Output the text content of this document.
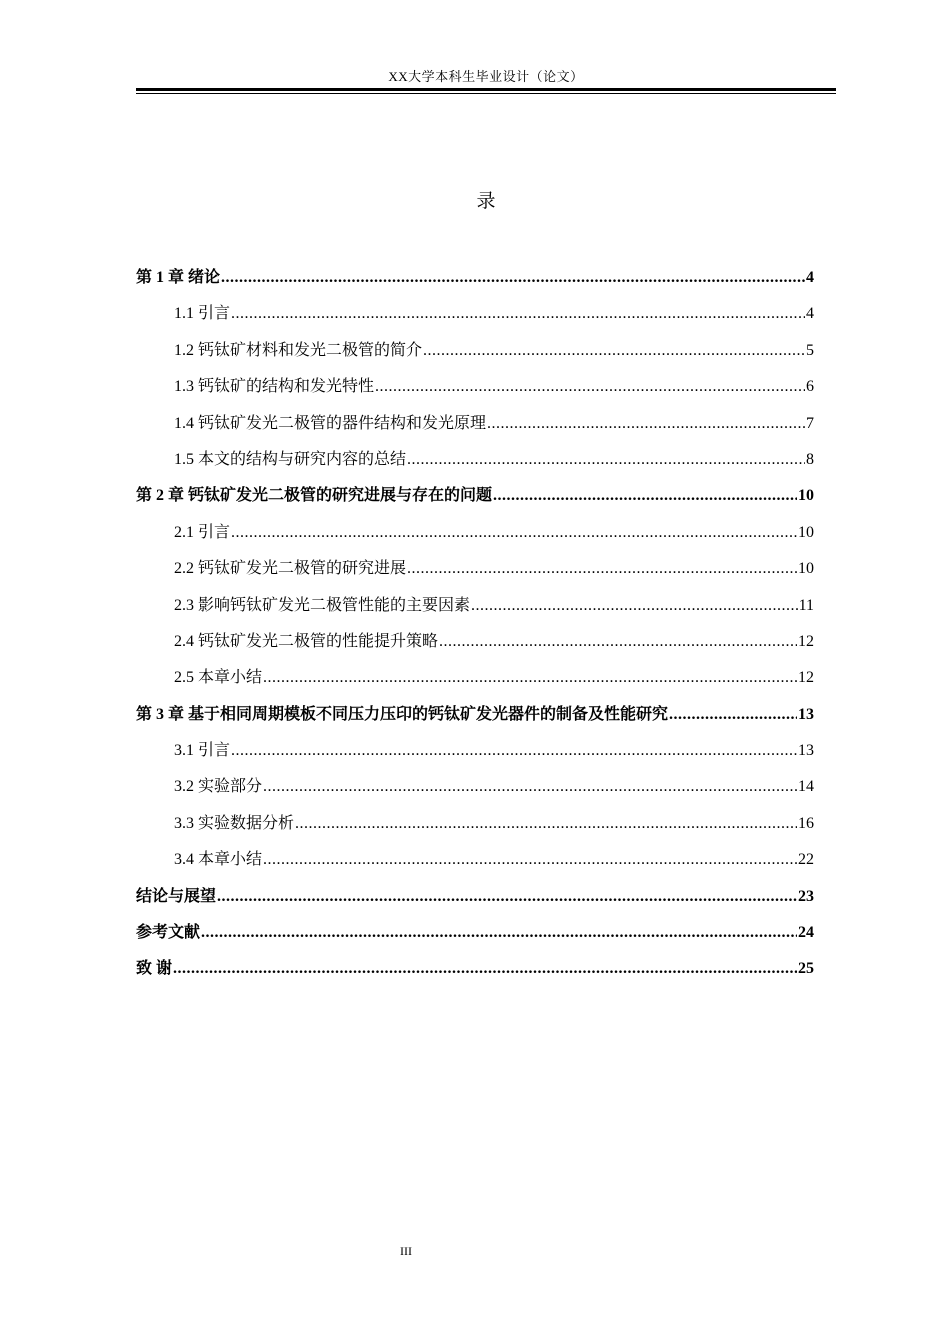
XX大学本科生毕业设计（论文）
录
第 1 章 绪论 .....	4
1.1 引言 .....	4
1.2 钙钛矿材料和发光二极管的简介 .....	5
1.3 钙钛矿的结构和发光特性 .....	6
1.4 钙钛矿发光二极管的器件结构和发光原理 .....	7
1.5 本文的结构与研究内容的总结 .....	8
第 2 章 钙钛矿发光二极管的研究进展与存在的问题 .....	10
2.1 引言 .....	10
2.2 钙钛矿发光二极管的研究进展 .....	10
2.3 影响钙钛矿发光二极管性能的主要因素 .....	11
2.4 钙钛矿发光二极管的性能提升策略 .....	12
2.5 本章小结 .....	12
第 3 章 基于相同周期模板不同压力压印的钙钛矿发光器件的制备及性能研究 .....	13
3.1 引言 .....	13
3.2 实验部分 .....	14
3.3 实验数据分析 .....	16
3.4 本章小结 .....	22
结论与展望 .....	23
参考文献 .....	24
致 谢 .....	25
III
